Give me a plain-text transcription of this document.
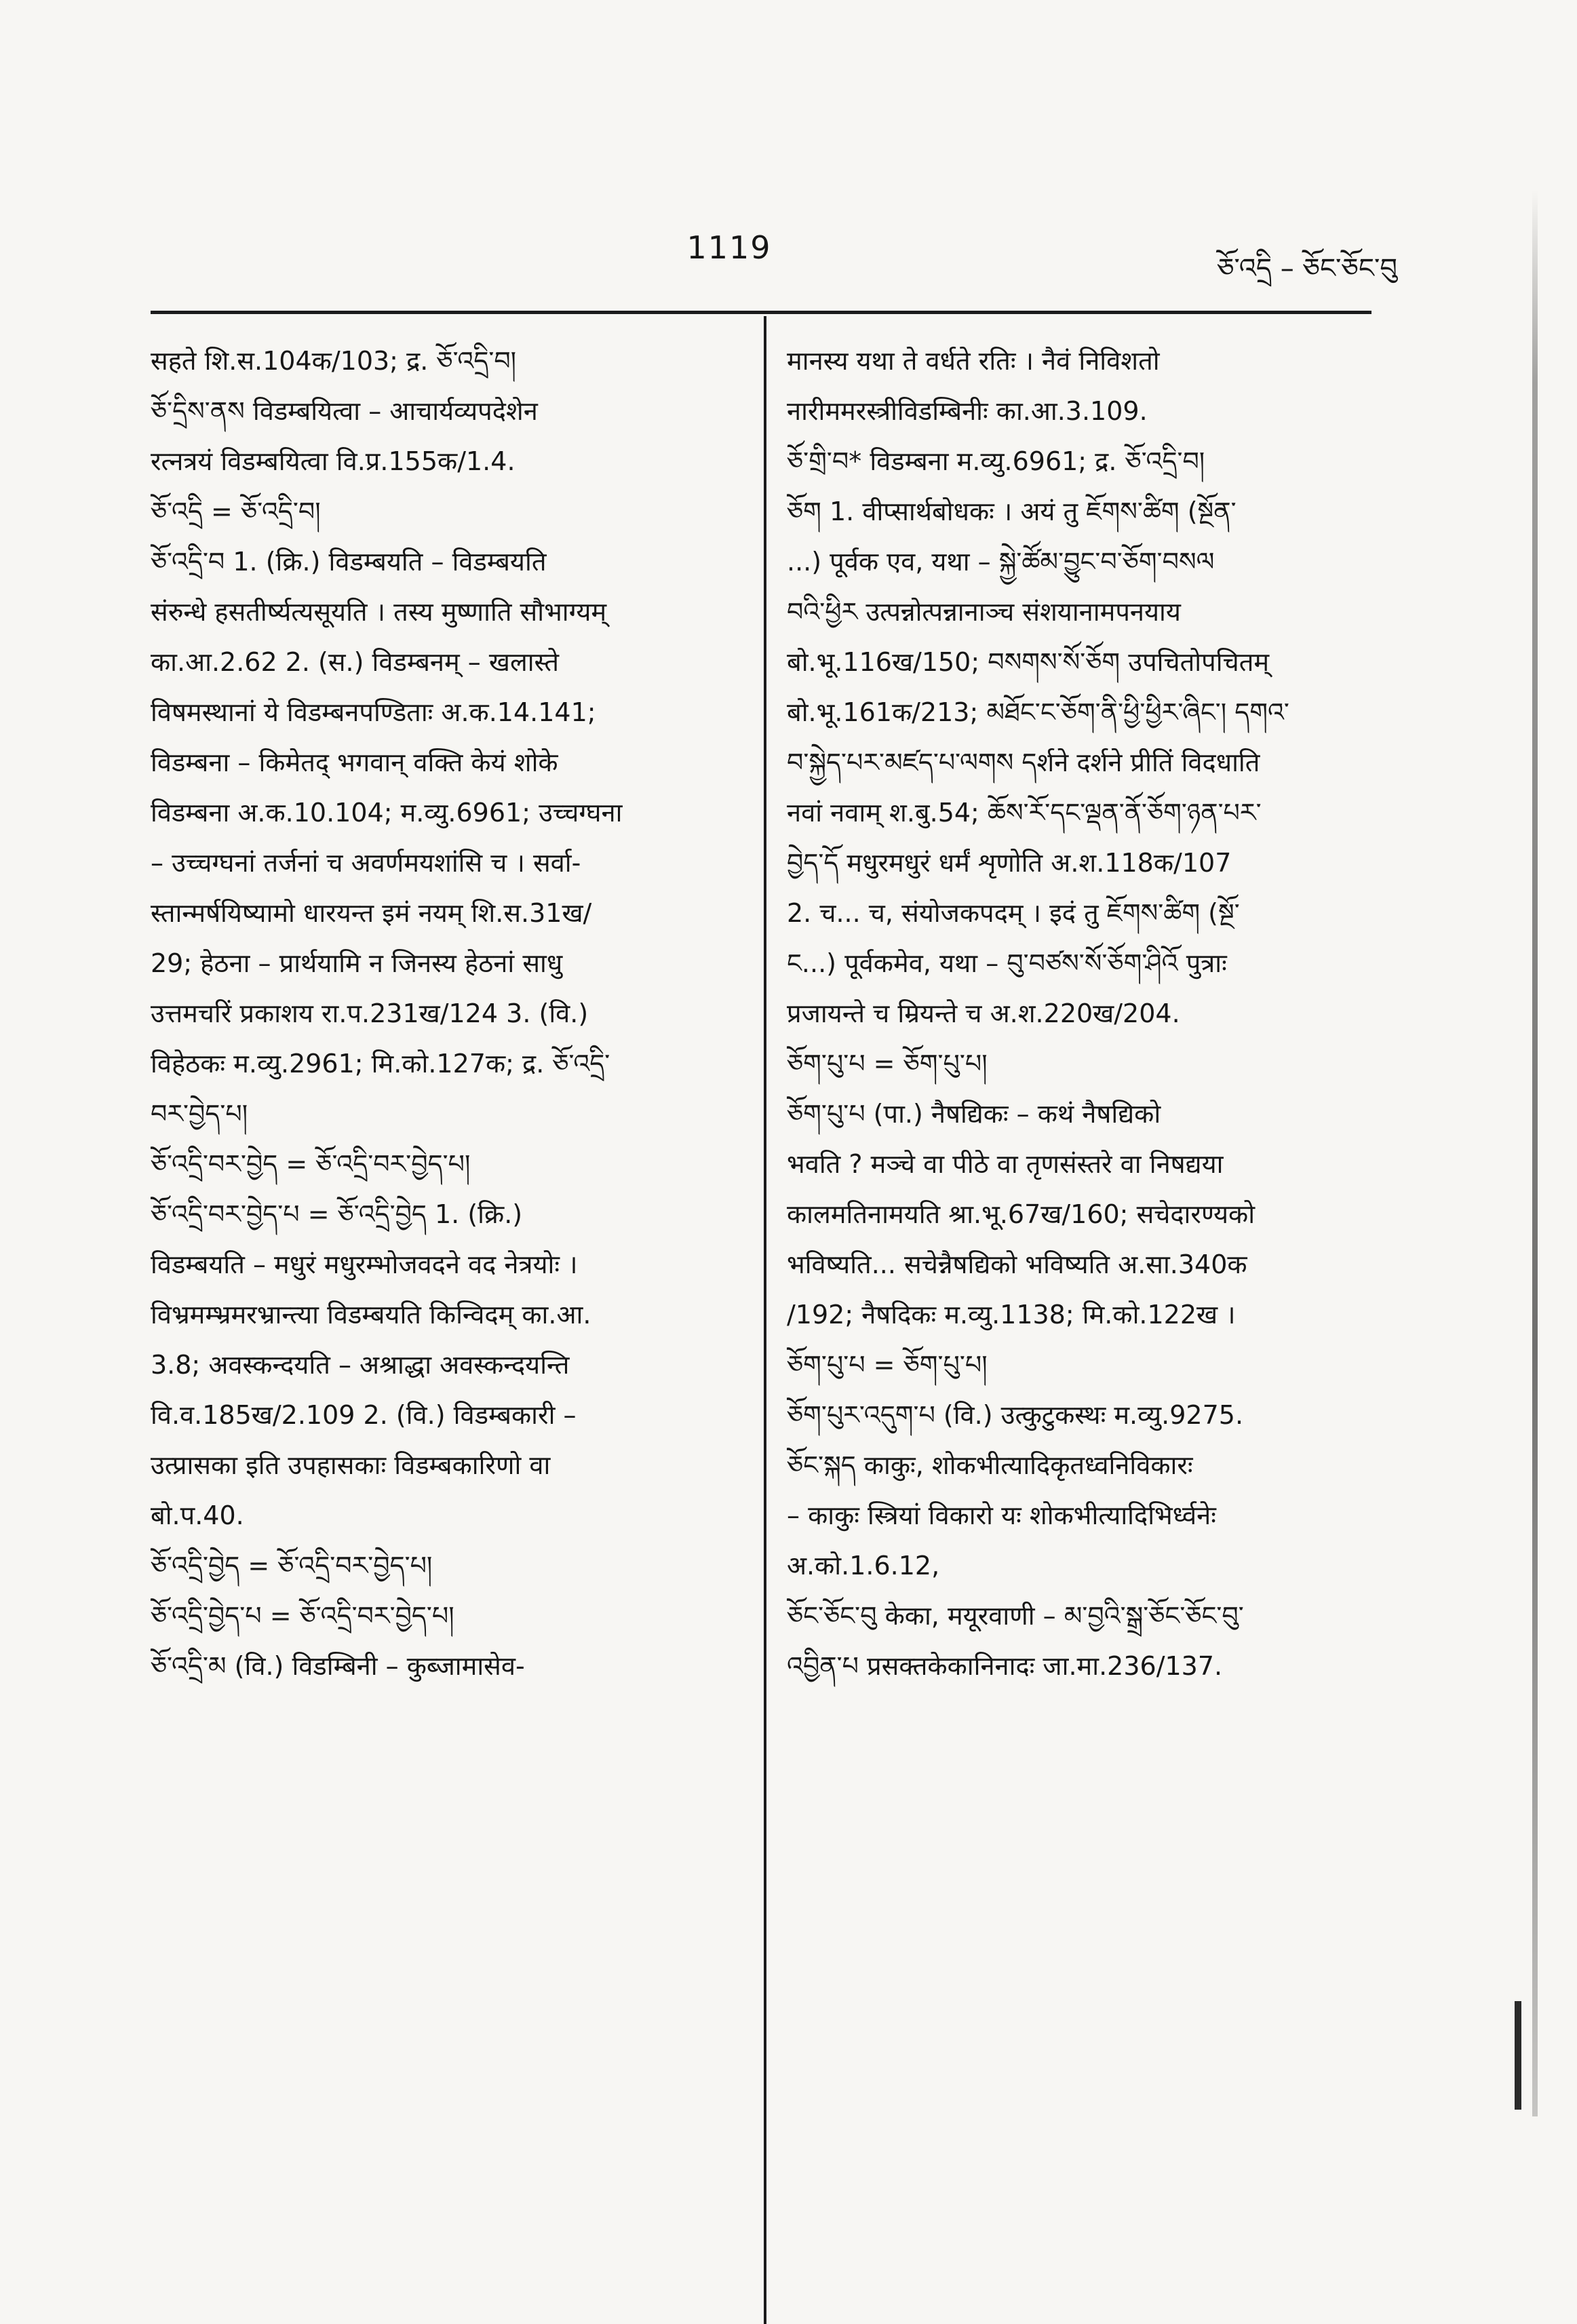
1119
ཅོ་འདྲི – ཅོང་ཅོང་བུ
सहते शि.स.104क/103; द्र. ཅོ་འདྲི་བ།
ཅོ་དྲིས་ནས विडम्बयित्वा – आचार्यव्यपदेशेन
रत्नत्रयं विडम्बयित्वा वि.प्र.155क/1.4.
ཅོ་འདྲི = ཅོ་འདྲི་བ།
ཅོ་འདྲི་བ 1. (क्रि.) विडम्बयति – विडम्बयति
संरुन्धे हसतीर्ष्यत्यसूयति । तस्य मुष्णाति सौभाग्यम्
का.आ.2.62 2. (स.) विडम्बनम् – खलास्ते
विषमस्थानां ये विडम्बनपण्डिताः अ.क.14.141;
विडम्बना – किमेतद् भगवान् वक्ति केयं शोके
विडम्बना अ.क.10.104; म.व्यु.6961; उच्चग्घना
– उच्चग्घनां तर्जनां च अवर्णमयशांसि च । सर्वा-
स्तान्मर्षयिष्यामो धारयन्त इमं नयम् शि.स.31ख/
29; हेठना – प्रार्थयामि न जिनस्य हेठनां साधु
उत्तमचरिं प्रकाशय रा.प.231ख/124 3. (वि.)
विहेठकः म.व्यु.2961; मि.को.127क; द्र. ཅོ་འདྲི་
བར་བྱེད་པ།
ཅོ་འདྲི་བར་བྱེད = ཅོ་འདྲི་བར་བྱེད་པ།
ཅོ་འདྲི་བར་བྱེད་པ = ཅོ་འདྲི་བྱེད 1. (क्रि.)
विडम्बयति – मधुरं मधुरम्भोजवदने वद नेत्रयोः ।
विभ्रमम्भ्रमरभ्रान्त्या विडम्बयति किन्विदम् का.आ.
3.8; अवस्कन्दयति – अश्राद्धा अवस्कन्दयन्ति
वि.व.185ख/2.109 2. (वि.) विडम्बकारी –
उत्प्रासका इति उपहासकाः विडम्बकारिणो वा
बो.प.40.
ཅོ་འདྲི་བྱེད = ཅོ་འདྲི་བར་བྱེད་པ།
ཅོ་འདྲི་བྱེད་པ = ཅོ་འདྲི་བར་བྱེད་པ།
ཅོ་འདྲི་མ (वि.) विडम्बिनी – कुब्जामासेव-
मानस्य यथा ते वर्धते रतिः । नैवं निविशतो
नारीममरस्त्रीविडम्बिनीः का.आ.3.109.
ཅོ་གྲི་བ* विडम्बना म.व्यु.6961; द्र. ཅོ་འདྲི་བ།
ཅོག 1. वीप्सार्थबोधकः । अयं तु ཇོགས་ཚིག (སྔོན་
...) पूर्वक एव, यथा – སྐྱེ་ཚོམ་བྱུང་བ་ཅོག་བསལ
བའི་ཕྱིར उत्पन्नोत्पन्नानाञ्च संशयानामपनयाय
बो.भू.116ख/150; བསགས་སོ་ཅོག उपचितोपचितम्
बो.भू.161क/213; མཐོང་ང་ཅོག་ནི་ཕྱི་ཕྱིར་ཞིང་། དགའ་
བ་སྐྱེད་པར་མཛད་པ་ལགས དर्शने दर्शने प्रीतिं विदधाति
नवां नवाम् श.बु.54; ཆོས་རོ་དང་ལྡན་ནོ་ཅོག་ཉན་པར་
བྱེད་དོ मधुरमधुरं धर्मं शृणोति अ.श.118क/107
2. च... च, संयोजकपदम् । इदं तु ཇོགས་ཚིག (སྔོ་
ང...) पूर्वकमेव, यथा – བུ་བཙས་སོ་ཅོག་ཤིའོ पुत्राः
प्रजायन्ते च म्रियन्ते च अ.श.220ख/204.
ཅོག་པུ་པ = ཅོག་པུ་པ།
ཅོག་པུ་པ (पा.) नैषद्यिकः – कथं नैषद्यिको
भवति ? मञ्चे वा पीठे वा तृणसंस्तरे वा निषद्यया
कालमतिनामयति श्रा.भू.67ख/160; सचेदारण्यको
भविष्यति... सचेन्नैषद्यिको भविष्यति अ.सा.340क
/192; नैषदिकः म.व्यु.1138; मि.को.122ख ।
ཅོག་པུ་པ = ཅོག་པུ་པ།
ཅོག་པུར་འདུག་པ (वि.) उत्कुटुकस्थः म.व्यु.9275.
ཅོང་སྐད काकुः, शोकभीत्यादिकृतध्वनिविकारः
– काकुः स्त्रियां विकारो यः शोकभीत्यादिभिर्ध्वनेः
अ.को.1.6.12,
ཅོང་ཅོང་བུ केका, मयूरवाणी – མ་བྱའི་སྒྲ་ཅོང་ཅོང་བུ་
འབྱིན་པ प्रसक्तकेकानिनादः जा.मा.236/137.
